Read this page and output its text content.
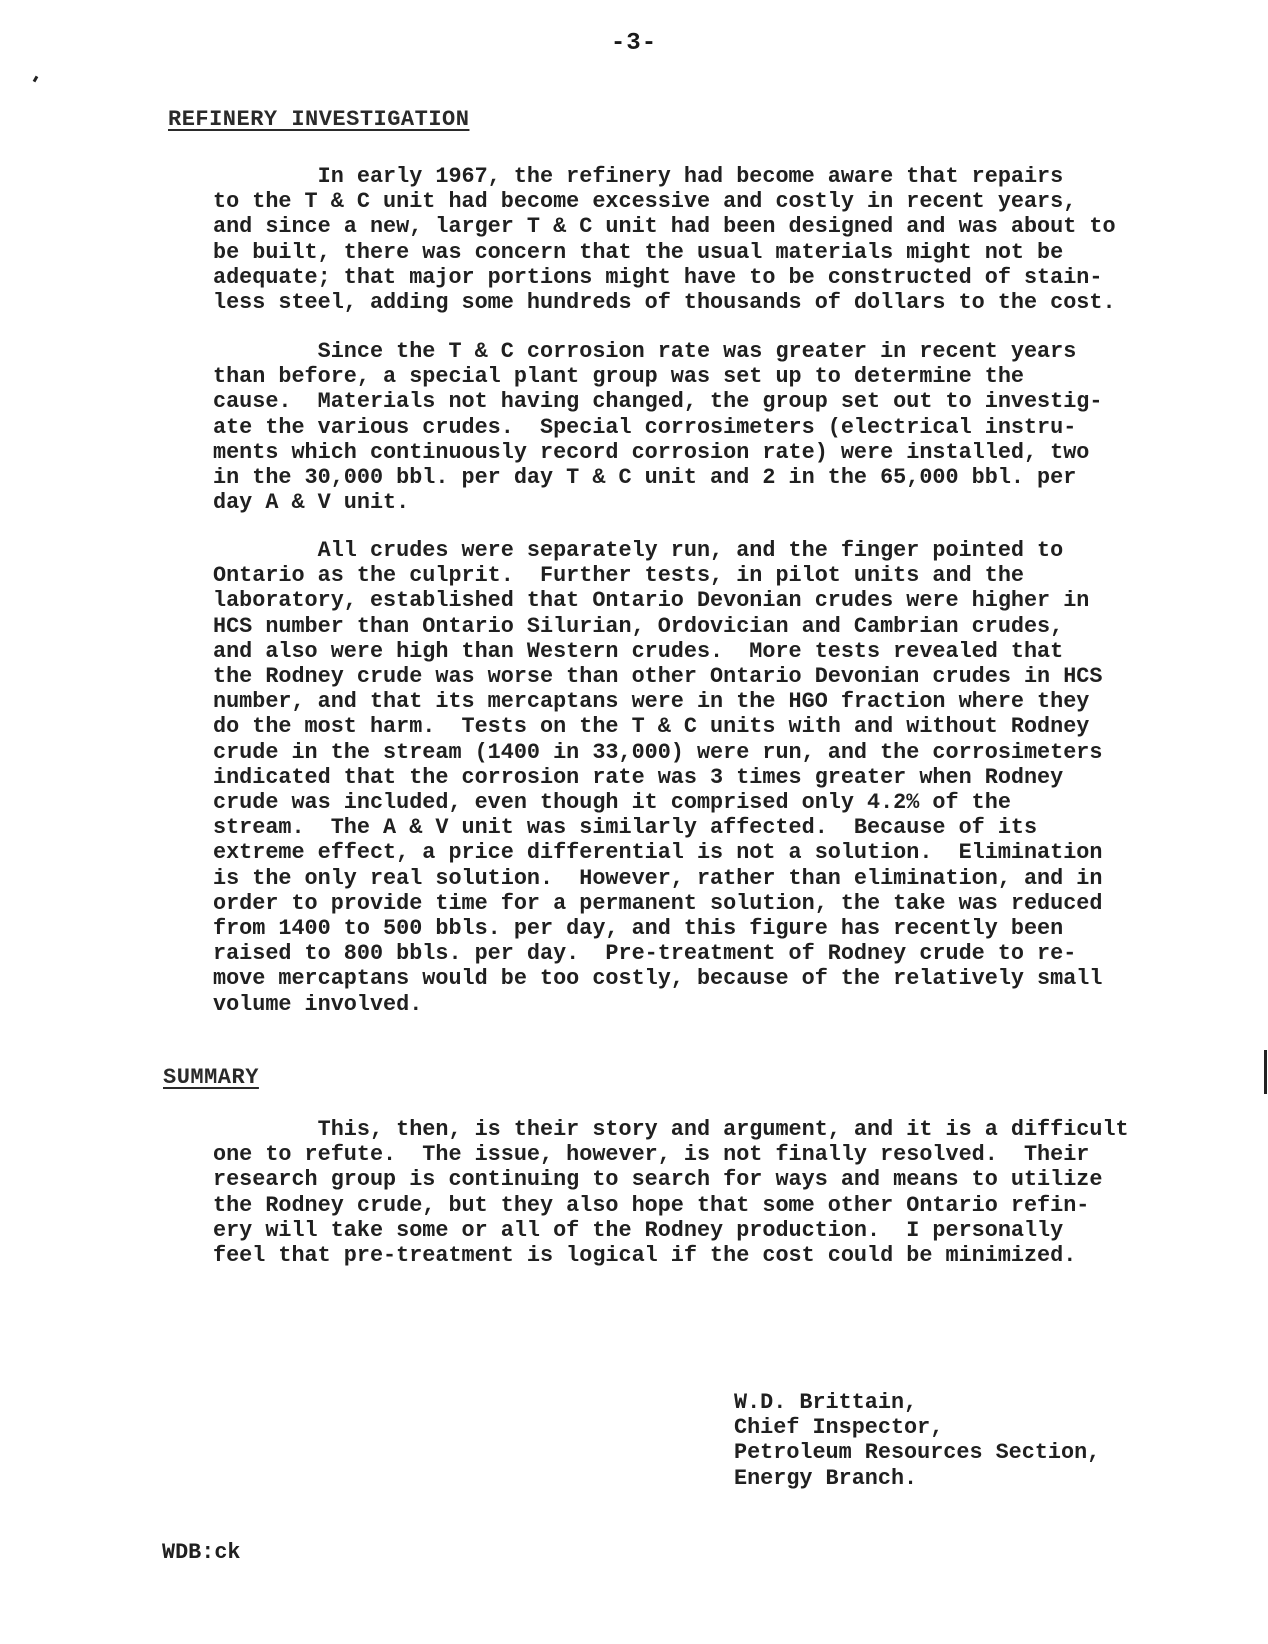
-3-
REFINERY INVESTIGATION

In early 1967, the refinery had become aware that repairs
to the T & C unit had become excessive and costly in recent years,
and since a new, larger T & C unit had been designed and was about to
be built, there was concern that the usual materials might not be
adequate; that major portions might have to be constructed of stain-
less steel, adding some hundreds of thousands of dollars to the cost.

Since the T & C corrosion rate was greater in recent years
than before, a special plant group was set up to determine the
cause.  Materials not having changed, the group set out to investig-
ate the various crudes.  Special corrosimeters (electrical instru-
ments which continuously record corrosion rate) were installed, two
in the 30,000 bbl. per day T & C unit and 2 in the 65,000 bbl. per
day A & V unit.

All crudes were separately run, and the finger pointed to
Ontario as the culprit.  Further tests, in pilot units and the
laboratory, established that Ontario Devonian crudes were higher in
HCS number than Ontario Silurian, Ordovician and Cambrian crudes,
and also were high than Western crudes.  More tests revealed that
the Rodney crude was worse than other Ontario Devonian crudes in HCS
number, and that its mercaptans were in the HGO fraction where they
do the most harm.  Tests on the T & C units with and without Rodney
crude in the stream (1400 in 33,000) were run, and the corrosimeters
indicated that the corrosion rate was 3 times greater when Rodney
crude was included, even though it comprised only 4.2% of the
stream.  The A & V unit was similarly affected.  Because of its
extreme effect, a price differential is not a solution.  Elimination
is the only real solution.  However, rather than elimination, and in
order to provide time for a permanent solution, the take was reduced
from 1400 to 500 bbls. per day, and this figure has recently been
raised to 800 bbls. per day.  Pre-treatment of Rodney crude to re-
move mercaptans would be too costly, because of the relatively small
volume involved.

SUMMARY

This, then, is their story and argument, and it is a difficult
one to refute.  The issue, however, is not finally resolved.  Their
research group is continuing to search for ways and means to utilize
the Rodney crude, but they also hope that some other Ontario refin-
ery will take some or all of the Rodney production.  I personally
feel that pre-treatment is logical if the cost could be minimized.

W.D. Brittain,
Chief Inspector,
Petroleum Resources Section,
Energy Branch.

WDB:ck
